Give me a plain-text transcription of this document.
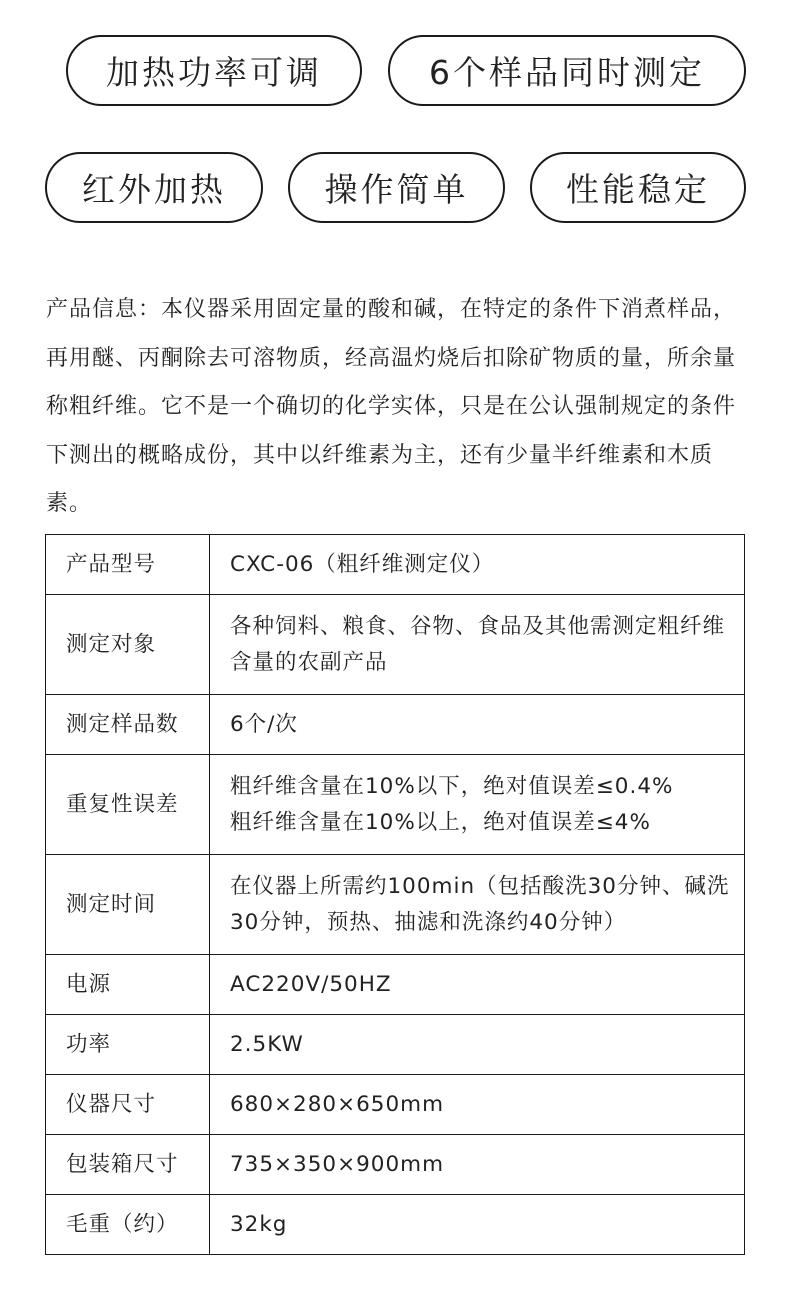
加热功率可调	6个样品同时测定
红外加热	操作简单	性能稳定

产品信息：本仪器采用固定量的酸和碱，在特定的条件下消煮样品，再用醚、丙酮除去可溶物质，经高温灼烧后扣除矿物质的量，所余量称粗纤维。它不是一个确切的化学实体，只是在公认强制规定的条件下测出的概略成份，其中以纤维素为主，还有少量半纤维素和木质素。

产品型号	CXC-06（粗纤维测定仪）
测定对象	各种饲料、粮食、谷物、食品及其他需测定粗纤维含量的农副产品
测定样品数	6个/次
重复性误差	粗纤维含量在10%以下，绝对值误差≤0.4%
粗纤维含量在10%以上，绝对值误差≤4%

测定时间	在仪器上所需约100min（包括酸洗30分钟、碱洗30分钟，预热、抽滤和洗涤约40分钟）
电源	AC220V/50HZ
功率	2.5KW
仪器尺寸	680×280×650mm
包装箱尺寸	735×350×900mm
毛重（约）	32kg
